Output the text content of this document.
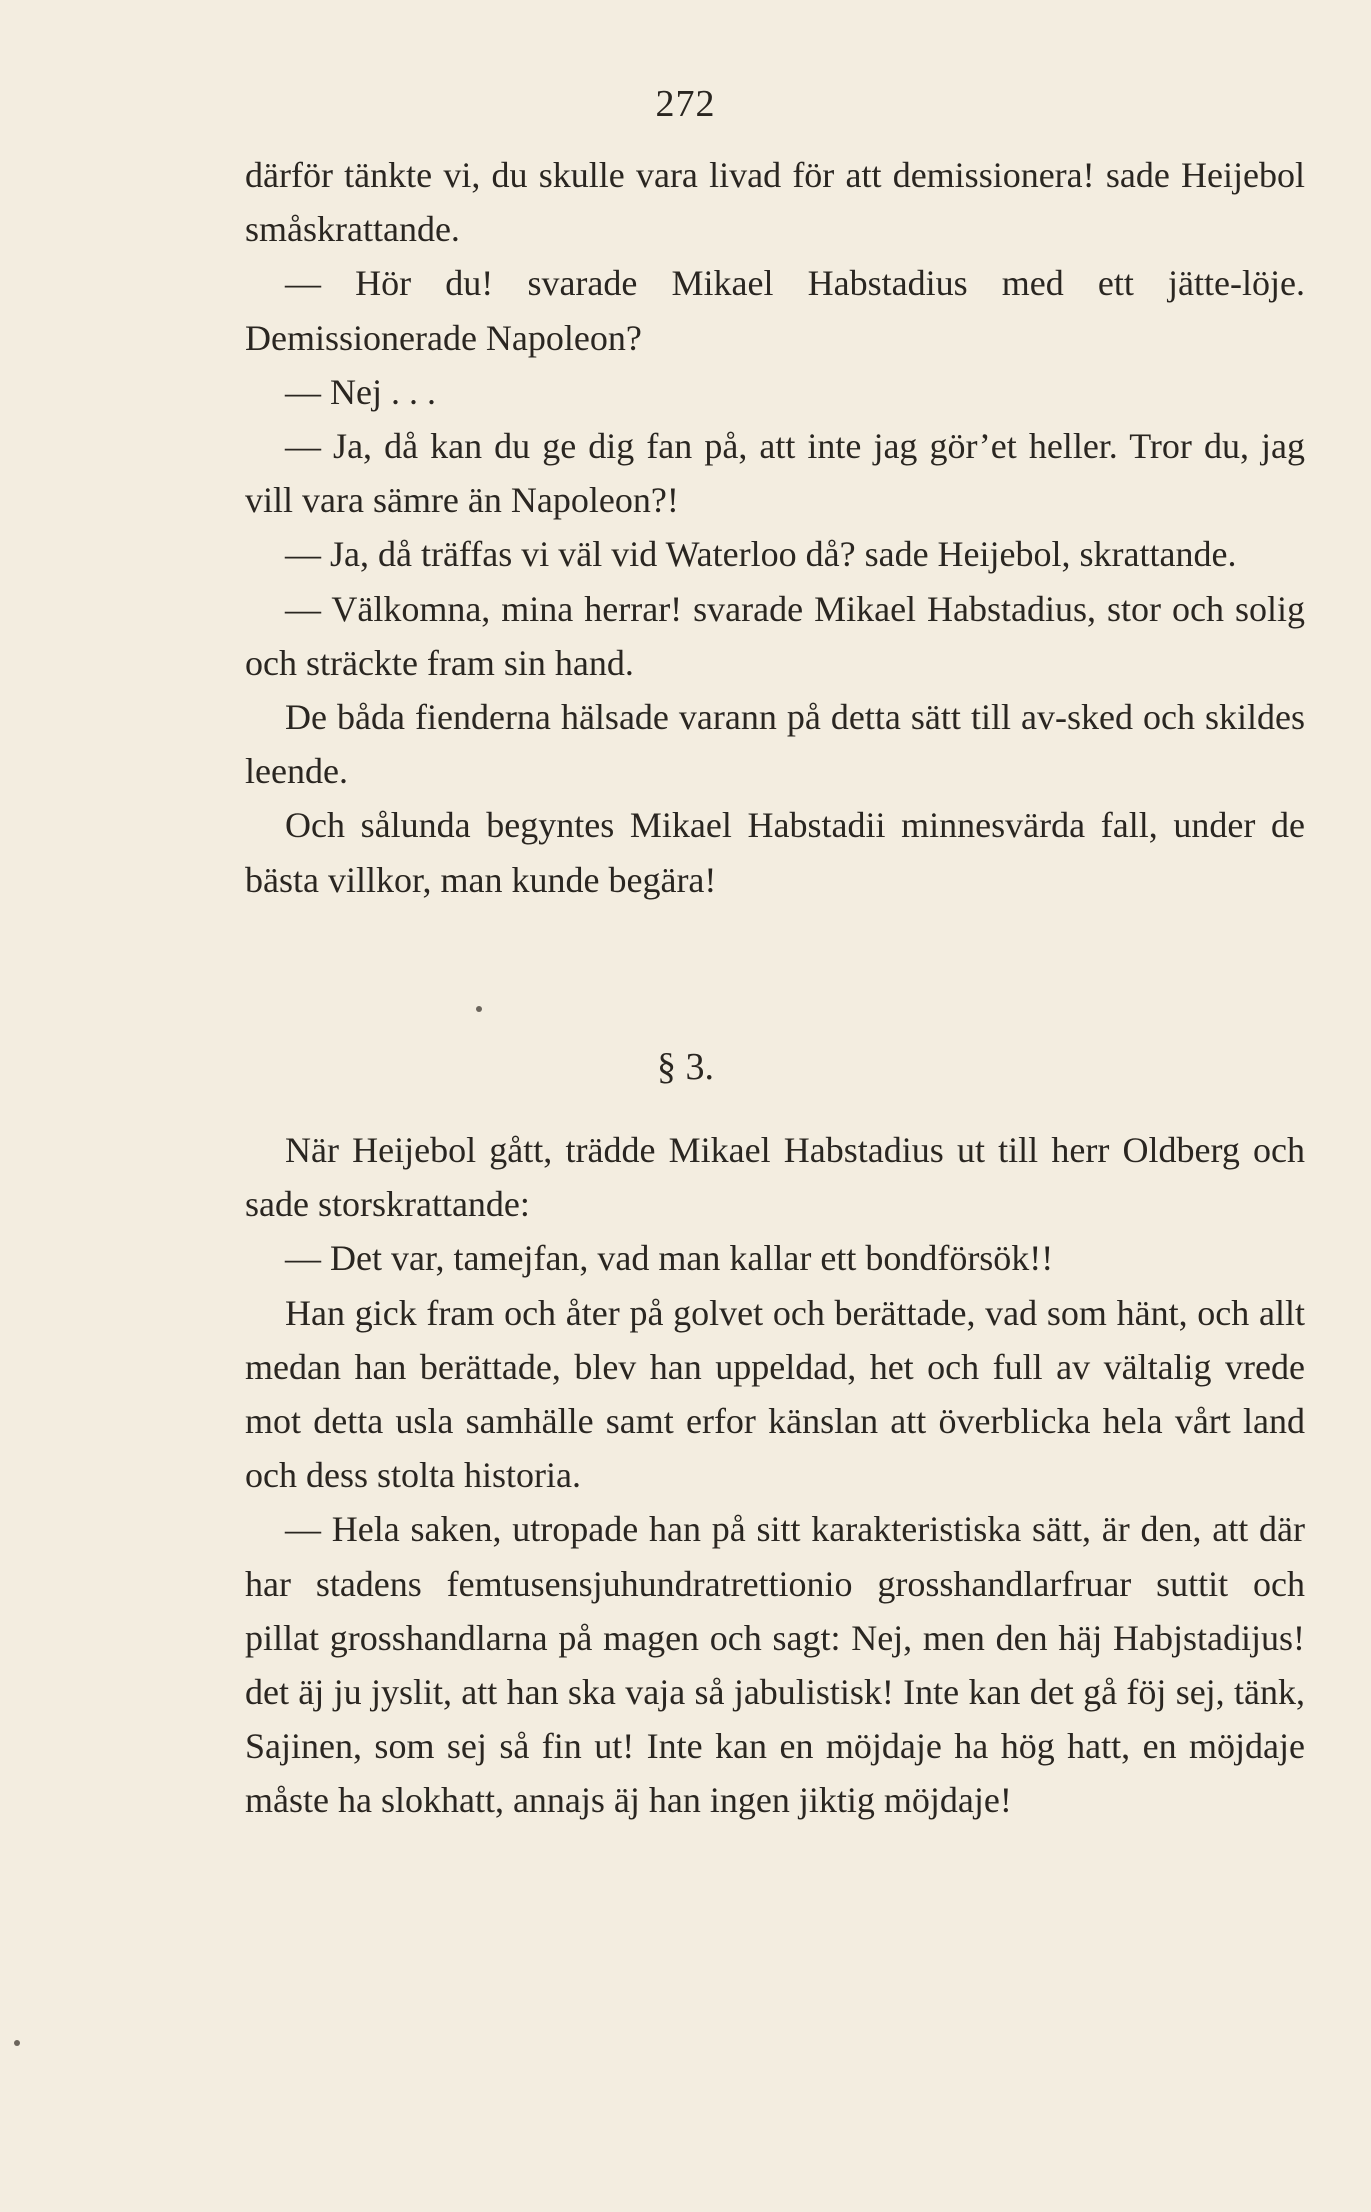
272

därför tänkte vi, du skulle vara livad för att demissionera! sade Heijebol småskrattande.

— Hör du! svarade Mikael Habstadius med ett jätte-löje. Demissionerade Napoleon?

— Nej . . .

— Ja, då kan du ge dig fan på, att inte jag gör’et heller. Tror du, jag vill vara sämre än Napoleon?!

— Ja, då träffas vi väl vid Waterloo då? sade Heijebol, skrattande.

— Välkomna, mina herrar! svarade Mikael Habstadius, stor och solig och sträckte fram sin hand.

De båda fienderna hälsade varann på detta sätt till av-sked och skildes leende.

Och sålunda begyntes Mikael Habstadii minnesvärda fall, under de bästa villkor, man kunde begära!

§ 3.

När Heijebol gått, trädde Mikael Habstadius ut till herr Oldberg och sade storskrattande:

— Det var, tamejfan, vad man kallar ett bondförsök!!

Han gick fram och åter på golvet och berättade, vad som hänt, och allt medan han berättade, blev han uppeldad, het och full av vältalig vrede mot detta usla samhälle samt erfor känslan att överblicka hela vårt land och dess stolta historia.

— Hela saken, utropade han på sitt karakteristiska sätt, är den, att där har stadens femtusensjuhundratrettionio grosshandlarfruar suttit och pillat grosshandlarna på magen och sagt: Nej, men den häj Habjstadijus! det äj ju jyslit, att han ska vaja så jabulistisk! Inte kan det gå föj sej, tänk, Sajinen, som sej så fin ut! Inte kan en möjdaje ha hög hatt, en möjdaje måste ha slokhatt, annajs äj han ingen jiktig möjdaje!
